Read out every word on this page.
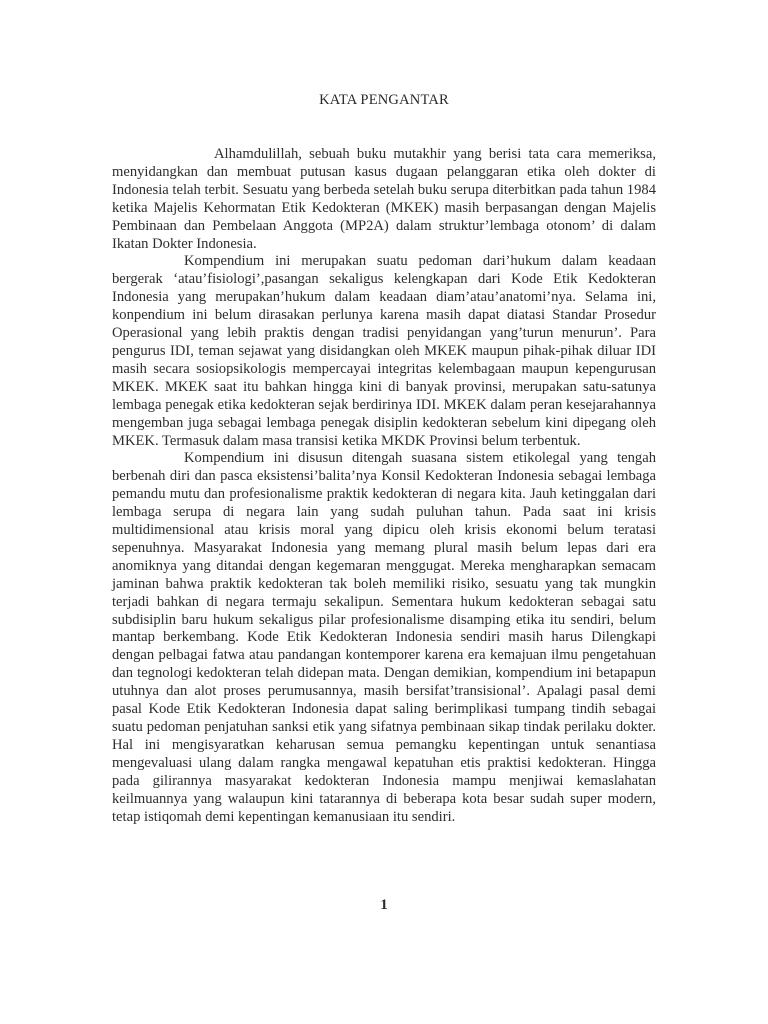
KATA PENGANTAR

Alhamdulillah, sebuah buku mutakhir yang berisi tata cara memeriksa, menyidangkan dan membuat putusan kasus dugaan pelanggaran etika oleh dokter di Indonesia telah terbit. Sesuatu yang berbeda setelah buku serupa diterbitkan pada tahun 1984 ketika Majelis Kehormatan Etik Kedokteran (MKEK) masih berpasangan dengan Majelis Pembinaan dan Pembelaan Anggota (MP2A) dalam struktur’lembaga otonom’ di dalam Ikatan Dokter Indonesia.

Kompendium ini merupakan suatu pedoman dari’hukum dalam keadaan bergerak ‘atau’fisiologi’,pasangan sekaligus kelengkapan dari Kode Etik Kedokteran Indonesia yang merupakan’hukum dalam keadaan diam’atau’anatomi’nya. Selama ini, konpendium ini belum dirasakan perlunya karena masih dapat diatasi Standar Prosedur Operasional yang lebih praktis dengan tradisi penyidangan yang’turun menurun’. Para pengurus IDI, teman sejawat yang disidangkan oleh MKEK maupun pihak-pihak diluar IDI masih secara sosiopsikologis mempercayai integritas kelembagaan maupun kepengurusan MKEK. MKEK saat itu bahkan hingga kini di banyak provinsi, merupakan satu-satunya lembaga penegak etika kedokteran sejak berdirinya IDI. MKEK dalam peran kesejarahannya mengemban juga sebagai lembaga penegak disiplin kedokteran sebelum kini dipegang oleh MKEK. Termasuk dalam masa transisi ketika MKDK Provinsi belum terbentuk.

Kompendium ini disusun ditengah suasana sistem etikolegal yang tengah berbenah diri dan pasca eksistensi’balita’nya Konsil Kedokteran Indonesia sebagai lembaga pemandu mutu dan profesionalisme praktik kedokteran di negara kita. Jauh ketinggalan dari lembaga serupa di negara lain yang sudah puluhan tahun. Pada saat ini krisis multidimensional atau krisis moral yang dipicu oleh krisis ekonomi belum teratasi sepenuhnya. Masyarakat Indonesia yang memang plural masih belum lepas dari era anomiknya yang ditandai dengan kegemaran menggugat. Mereka mengharapkan semacam jaminan bahwa praktik kedokteran tak boleh memiliki risiko, sesuatu yang tak mungkin terjadi bahkan di negara termaju sekalipun. Sementara hukum kedokteran sebagai satu subdisiplin baru hukum sekaligus pilar profesionalisme disamping etika itu sendiri, belum mantap berkembang. Kode Etik Kedokteran Indonesia sendiri masih harus Dilengkapi dengan pelbagai fatwa atau pandangan kontemporer karena era kemajuan ilmu pengetahuan dan tegnologi kedokteran telah didepan mata. Dengan demikian, kompendium ini betapapun utuhnya dan alot proses perumusannya, masih bersifat’transisional’. Apalagi pasal demi pasal Kode Etik Kedokteran Indonesia dapat saling berimplikasi tumpang tindih sebagai suatu pedoman penjatuhan sanksi etik yang sifatnya pembinaan sikap tindak perilaku dokter. Hal ini mengisyaratkan keharusan semua pemangku kepentingan untuk senantiasa mengevaluasi ulang dalam rangka mengawal kepatuhan etis praktisi kedokteran. Hingga pada gilirannya masyarakat kedokteran Indonesia mampu menjiwai kemaslahatan keilmuannya yang walaupun kini tatarannya di beberapa kota besar sudah super modern, tetap istiqomah demi kepentingan kemanusiaan itu sendiri.

1
